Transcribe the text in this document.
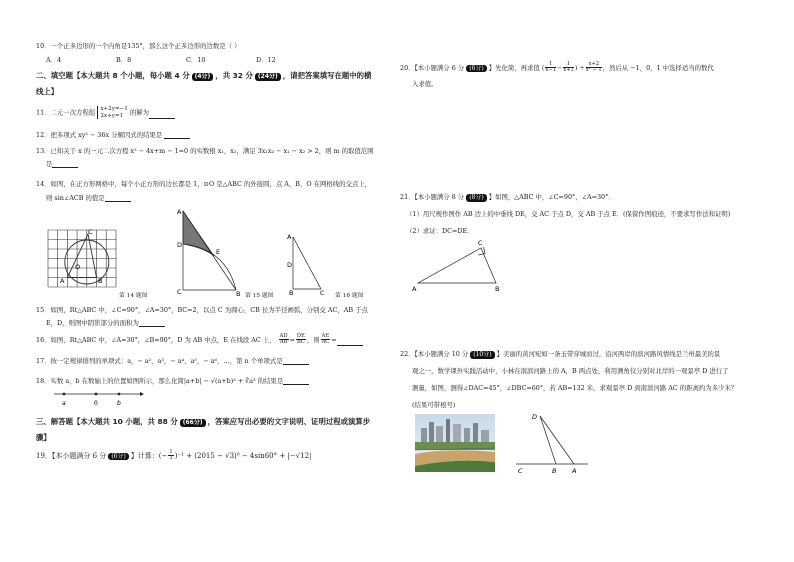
10．一个正多边形的一个内角是135°，那么这个正多边形的边数是（ ）
A．4	B．8	C．10	D．12
二、填空题【本大题共 8 个小题，每小题 4 分 (4分) ，共 32 分 (24分) ，请把答案填写在题中的横
线上】
11．二元一次方程组 x+2y=−1
2x+y=1	的解为
12．把多项式 xy² − 36x 分解因式的结果是
13．已知关于 x 的一元二次方程 x² − 4x+m − 1=0 的实数根 x₁，x₂，满足 3x₁x₂ − x₁ − x₂ > 2，则 m 的取值范围
是
14．如图，在正方形网格中，每个小正方形的边长都是 1，⊙O 是△ABC 的外接圆，点 A，B，O 在网格线的交点上，
则 sin∠ACB 的值是
C
O
A	B
第 14 题图
A
D
E
C	B 第 15 题图
A
D
B	C 第 16 题图
15．如图，Rt△ABC 中，∠C=90°，∠A=30°，BC=2，以点 C 为圆心，CB 长为半径画弧，分别交 AC，AB 于点
E，D，则图中阴影部分的面积为
16．如图，Rt△ABC 中，∠A=30°，∠B=90°，D 为 AB 中点，E 在线段 AC 上， $\frac{AD}{AB} = \frac{DE}{BC}$ ，则 $\frac{AE}{AC}$ =
17．按一定规律排列的单项式：a，− a²，a³，− a⁴，a⁵，− a⁶，…，第 n 个单项式是
18．实数 a，b 在数轴上的位置如图所示，那么化简|a+b| − √(a+b)² + ∛a³ 的结果是
a	0	b
三、解答题【本大题共 10 小题，共 88 分 (66分) ，答案应写出必要的文字说明、证明过程或演算步
骤】
19．【本小题满分 6 分 (6分) 】计算：(− $\frac{1}{3} )^{-1} + (2015 - √3)^0 - 4\sin 60^\circ + |-√12|$
20．【本小题满分 6 分 (6分) 】先化简，再求值 ( $\frac{1}{x-1} - \frac{1}{x+1}$ ) ÷ $\frac{x+2}{\text{x² − 1}}$ ，然后从 −1，0，1 中选择适当的数代
入求值。
21．【本小题满分 8 分 (8分) 】如图，△ABC 中，∠C=90°，∠A=30°．
（1）用尺规作图作 AB 边上的中垂线 DE，交 AC 于点 D，交 AB 于点 E．(保留作图痕迹，不要求写作法和证明)
（2）求证：DC=DE．
C
A	B
22．【本小题满分 10 分 (10分) 】美丽的黄河宛如一条玉带穿城而过，沿河两岸的滨河路风情线是兰州最美的景
观之一，数学课外实践活动中，小林在南滨河路上的 A，B 两点处，利用测角仪分别对北岸的一观景亭 D 进行了
测量，如图，测得∠DAC=45°，∠DBC=60°，若 AB=132 米，求观景亭 D 到南滨河路 AC 的距离约为多少米？
(结果可带根号)
D
C	B A
